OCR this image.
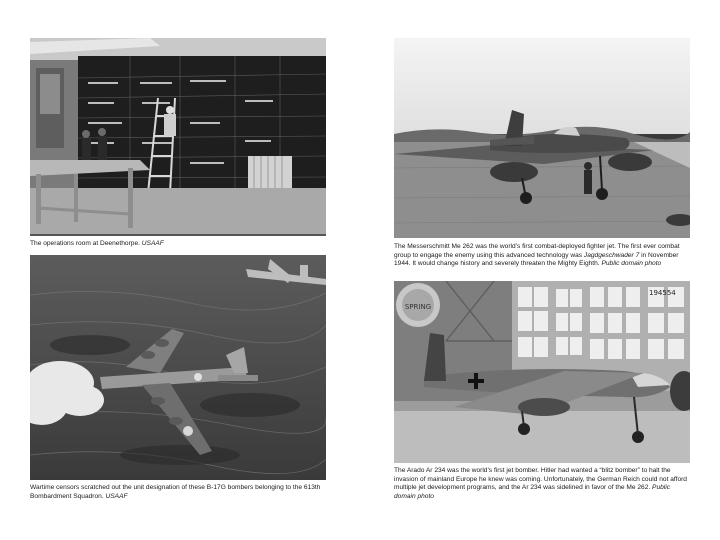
The operations room at Deenethorpe. USAAF
Wartime censors scratched out the unit designation of these B-17G bombers belonging to the 613th Bombardment Squadron. USAAF
The Messerschmitt Me 262 was the world’s first combat-deployed fighter jet. The first ever combat group to engage the enemy using this advanced technology was Jagdgeschwader 7 in November 1944. It would change history and severely threaten the Mighty Eighth. Public domain photo
SPRING
194554
The Arado Ar 234 was the world’s first jet bomber. Hitler had wanted a “blitz bomber” to halt the invasion of mainland Europe he knew was coming. Unfortunately, the German Reich could not afford multiple jet development programs, and the Ar 234 was sidelined in favor of the Me 262. Public domain photo
